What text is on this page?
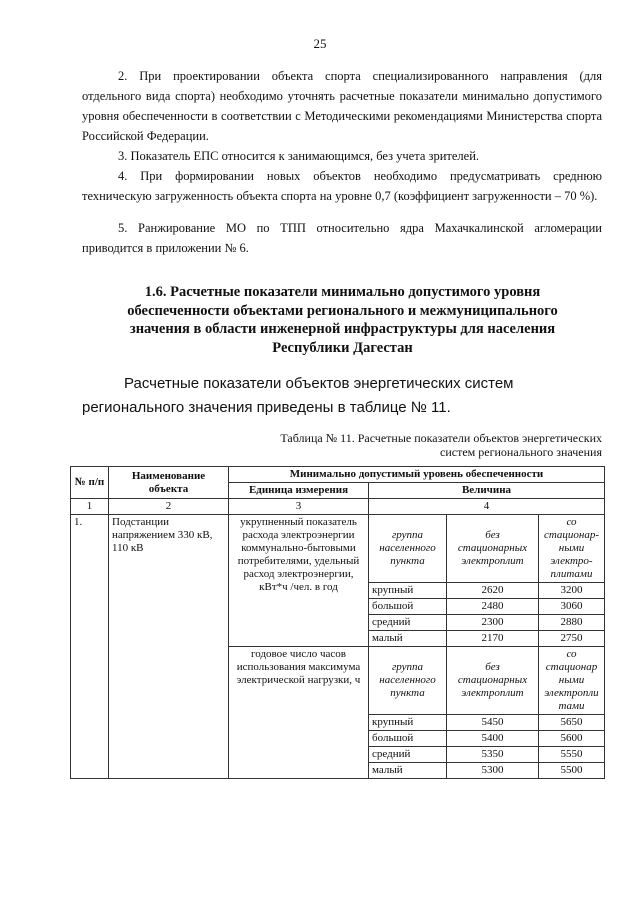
25

2. При проектировании объекта спорта специализированного направления (для отдельного вида спорта) необходимо уточнять расчетные показатели минимально допустимого уровня обеспеченности в соответствии с Методическими рекомендациями Министерства спорта Российской Федерации.

3. Показатель ЕПС относится к занимающимся, без учета зрителей.

4. При формировании новых объектов необходимо предусматривать среднюю техническую загруженность объекта спорта на уровне 0,7 (коэффициент загруженности – 70 %).

5. Ранжирование МО по ТПП относительно ядра Махачкалинской агломерации приводится в приложении № 6.

1.6. Расчетные показатели минимально допустимого уровня обеспеченности объектами регионального и межмуниципального значения в области инженерной инфраструктуры для населения Республики Дагестан

Расчетные показатели объектов энергетических систем регионального значения приведены в таблице № 11.

Таблица № 11. Расчетные показатели объектов энергетических систем регионального значения
№ п/п	Наименование объекта	Минимально допустимый уровень обеспеченности			
		Единица измерения	Величина		
1	2	3	4		
1.	Подстанции напряжением 330 кВ, 110 кВ	укрупненный показатель расхода электроэнергии коммунально-бытовыми потребителями, удельный расход электроэнергии, кВт*ч /чел. в год	группа населенного пункта	без стационарных электроплит	со стационар-ными электро-плитами
			крупный	2620	3200
			большой	2480	3060
			средний	2300	2880
			малый	2170	2750
		годовое число часов использования максимума электрической нагрузки, ч	группа населенного пункта	без стационарных электроплит	со стационар ными электропли тами
			крупный	5450	5650
			большой	5400	5600
			средний	5350	5550
			малый	5300	5500
